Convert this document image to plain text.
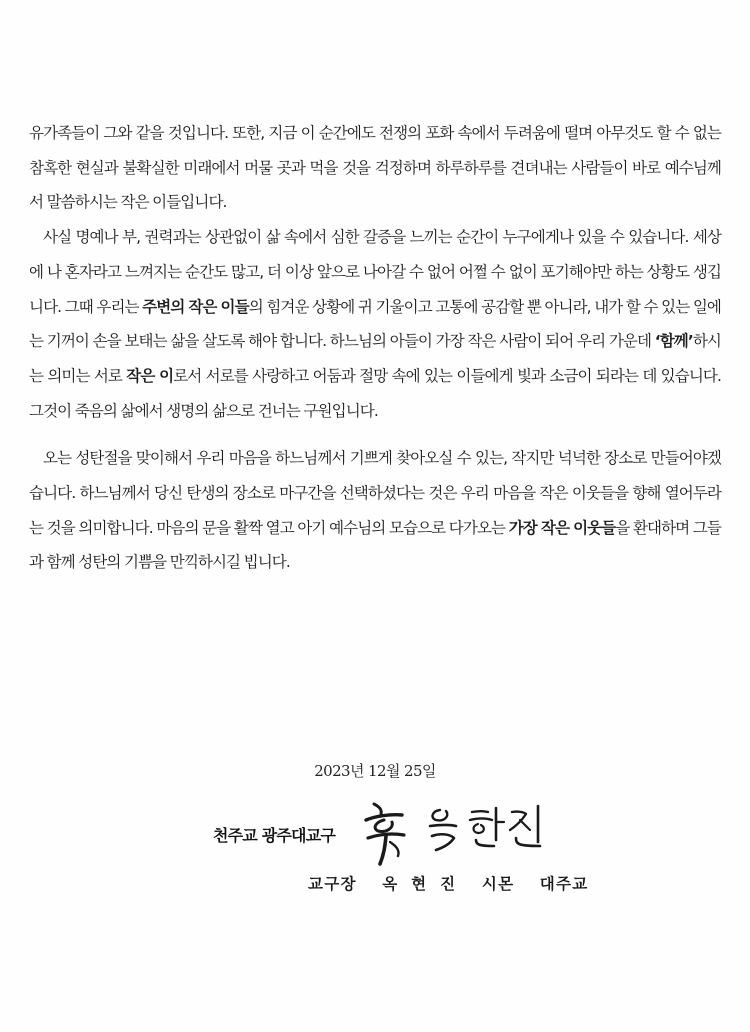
유가족들이 그와 같을 것입니다. 또한, 지금 이 순간에도 전쟁의 포화 속에서 두려움에 떨며 아무것도 할 수 없는 참혹한 현실과 불확실한 미래에서 머물 곳과 먹을 것을 걱정하며 하루하루를 견뎌내는 사람들이 바로 예수님께서 말씀하시는 작은 이들입니다.

사실 명예나 부, 권력과는 상관없이 삶 속에서 심한 갈증을 느끼는 순간이 누구에게나 있을 수 있습니다. 세상에 나 혼자라고 느껴지는 순간도 많고, 더 이상 앞으로 나아갈 수 없어 어쩔 수 없이 포기해야만 하는 상황도 생깁니다. 그때 우리는 주변의 작은 이들의 힘겨운 상황에 귀 기울이고 고통에 공감할 뿐 아니라, 내가 할 수 있는 일에는 기꺼이 손을 보태는 삶을 살도록 해야 합니다. 하느님의 아들이 가장 작은 사람이 되어 우리 가운데 ‘함께’하시는 의미는 서로 작은 이로서 서로를 사랑하고 어둠과 절망 속에 있는 이들에게 빛과 소금이 되라는 데 있습니다. 그것이 죽음의 삶에서 생명의 삶으로 건너는 구원입니다.

오는 성탄절을 맞이해서 우리 마음을 하느님께서 기쁘게 찾아오실 수 있는, 작지만 넉넉한 장소로 만들어야겠습니다. 하느님께서 당신 탄생의 장소로 마구간을 선택하셨다는 것은 우리 마음을 작은 이웃들을 향해 열어두라는 것을 의미합니다. 마음의 문을 활짝 열고 아기 예수님의 모습으로 다가오는 가장 작은 이웃들을 환대하며 그들과 함께 성탄의 기쁨을 만끽하시길 빕니다.

2023년 12월 25일
천주교 광주대교구
교구장  옥 현 진  시몬  대주교
